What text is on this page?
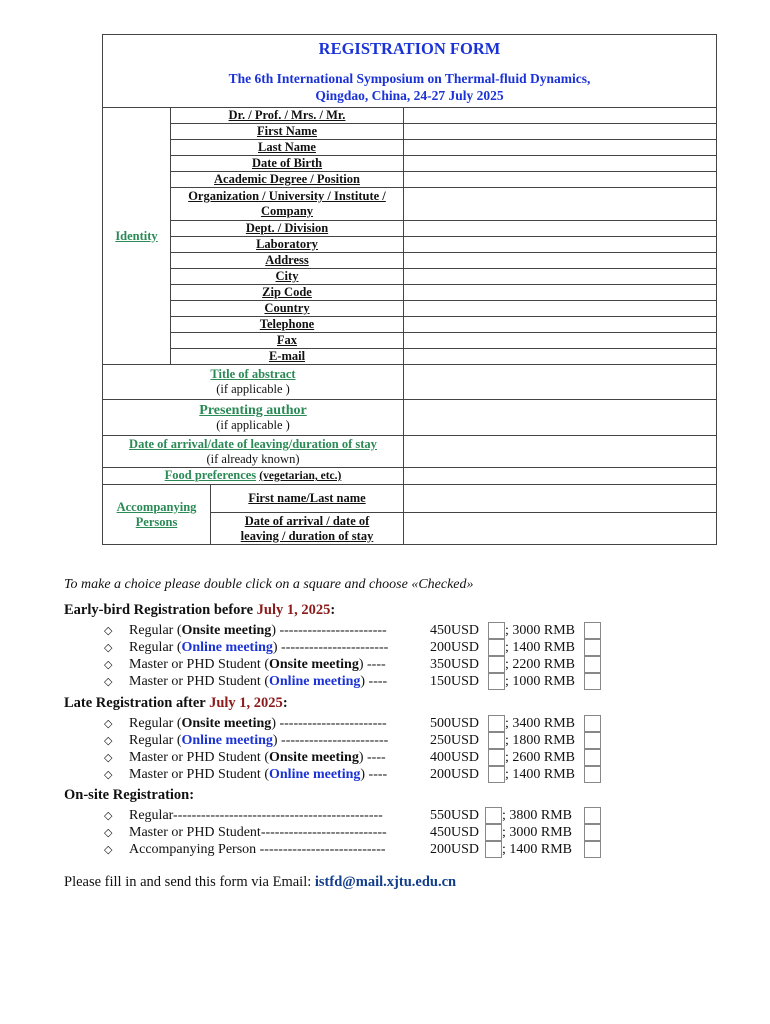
REGISTRATION FORM
The 6th International Symposium on Thermal-fluid Dynamics,
Qingdao, China, 24-27 July 2025			

Identity	Dr. / Prof. / Mrs. / Mr.		
	First Name		
	Last Name		
	Date of Birth		
	Academic Degree / Position		
	Organization / University / Institute / Company		
	Dept. / Division		
	Laboratory		
	Address		
	City		
	Zip Code		
	Country		
	Telephone		
	Fax		
	E-mail		
Title of abstract
(if applicable )			
Presenting author
(if applicable )			
Date of arrival/date of leaving/duration of stay
(if already known)			
Food preferences (vegetarian, etc.)			
Accompanying
Persons		First name/Last name	
		Date of arrival / date of
leaving / duration of stay	
To make a choice please double click on a square and choose «Checked»
Early-bird Registration before July 1, 2025:
◇ Regular (Onsite meeting) -----------------------	450USD ; 3000 RMB
◇ Regular (Online meeting) -----------------------	200USD ; 1400 RMB
◇ Master or PHD Student (Onsite meeting) ----	350USD ; 2200 RMB
◇ Master or PHD Student (Online meeting) ----	150USD ; 1000 RMB
Late Registration after July 1, 2025:
◇ Regular (Onsite meeting) -----------------------	500USD ; 3400 RMB
◇ Regular (Online meeting) -----------------------	250USD ; 1800 RMB
◇ Master or PHD Student (Onsite meeting) ----	400USD ; 2600 RMB
◇ Master or PHD Student (Online meeting) ----	200USD ; 1400 RMB
On-site Registration:
◇ Regular---------------------------------------------	550USD ; 3800 RMB
◇ Master or PHD Student---------------------------	450USD ; 3000 RMB
◇ Accompanying Person ---------------------------	200USD ; 1400 RMB
Please fill in and send this form via Email: istfd@mail.xjtu.edu.cn
